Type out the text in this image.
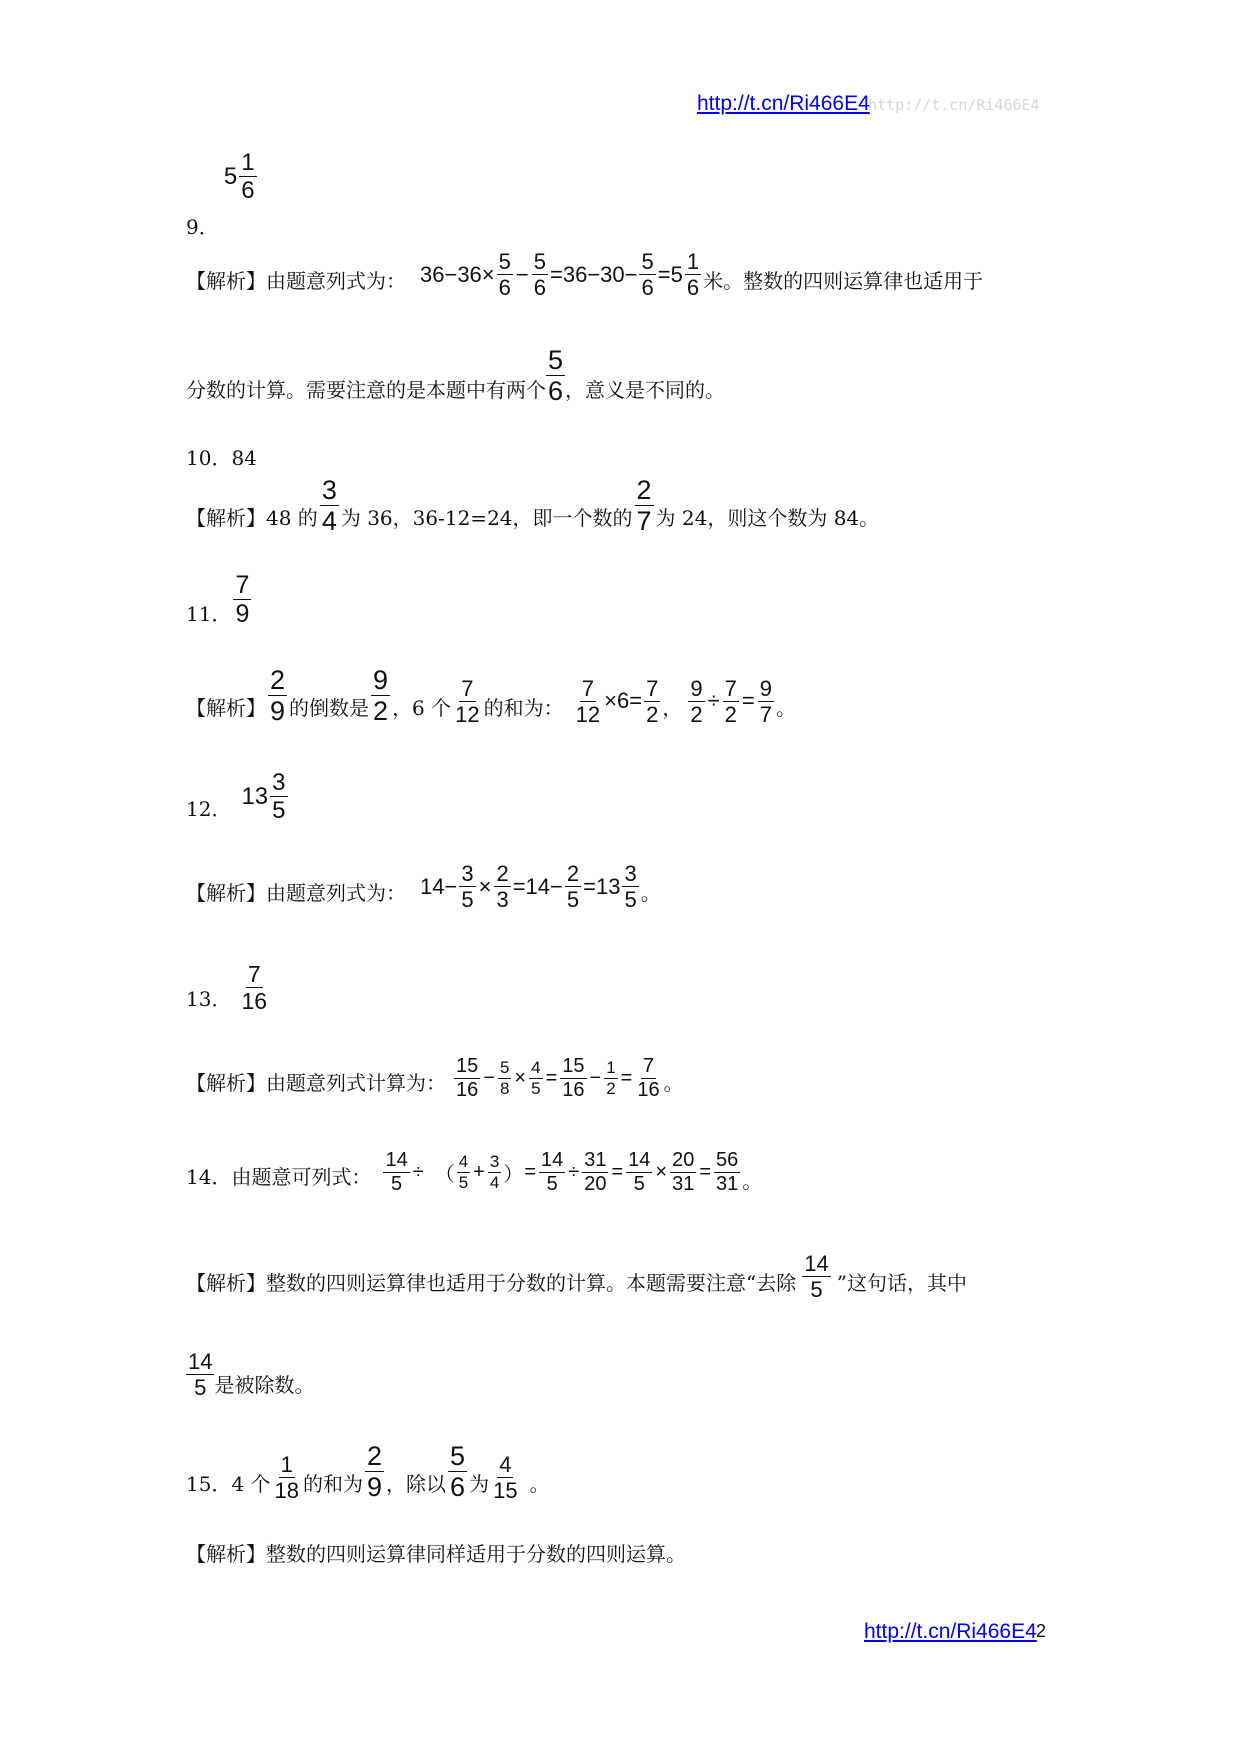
http://t.cn/Ri466E4
http://t.cn/Ri466E4
9．
$5 \frac{1}{6}$
【解析】由题意列式为： $36-36\times \frac{5}{6} - \frac{5}{6} =36-30- \frac{5}{6} =5 \frac{1}{6}$ 米。整数的四则运算律也适用于
分数的计算。需要注意的是本题中有两个 $\frac{5}{6}$ ，意义是不同的。
10．84
【解析】48 的 $\frac{3}{4}$ 为 36，36-12=24，即一个数的 $\frac{2}{7}$ 为 24，则这个数为 84。
11． $\frac{7}{9}$
【解析】 $\frac{2}{9}$ 的倒数是 $\frac{9}{2}$ ，6 个 $\frac{7}{12}$ 的和为： $\frac{7}{12} \times 6= \frac{7}{2}$ ， $\frac{9}{2} \div \frac{7}{2} = \frac{9}{7}$ 。
12． $13 \frac{3}{5}$
【解析】由题意列式为： $14- \frac{3}{5} \times \frac{2}{3} =14- \frac{2}{5} =13 \frac{3}{5}$ 。
13． $\frac{7}{16}$
【解析】由题意列式计算为： $\frac{15}{16} - \frac{5}{8} \times \frac{4}{5} = \frac{15}{16} - \frac{1}{2} = \frac{7}{16}$ 。
14．由题意可列式： $\frac{14}{5}$ ÷ （ $\frac{4}{5} + \frac{3}{4}$ ） = $\frac{14}{5} \div \frac{31}{20} = \frac{14}{5} \times \frac{20}{31} = \frac{56}{31}$ 。
【解析】整数的四则运算律也适用于分数的计算。本题需要注意“去除 $\frac{14}{5}$ ”这句话，其中
$\frac{14}{5}$ 是被除数。
15．4 个 $\frac{1}{18}$ 的和为 $\frac{2}{9}$ ，除以 $\frac{5}{6}$ 为 $\frac{4}{15}$ 。
【解析】整数的四则运算律同样适用于分数的四则运算。
http://t.cn/Ri466E4 2
